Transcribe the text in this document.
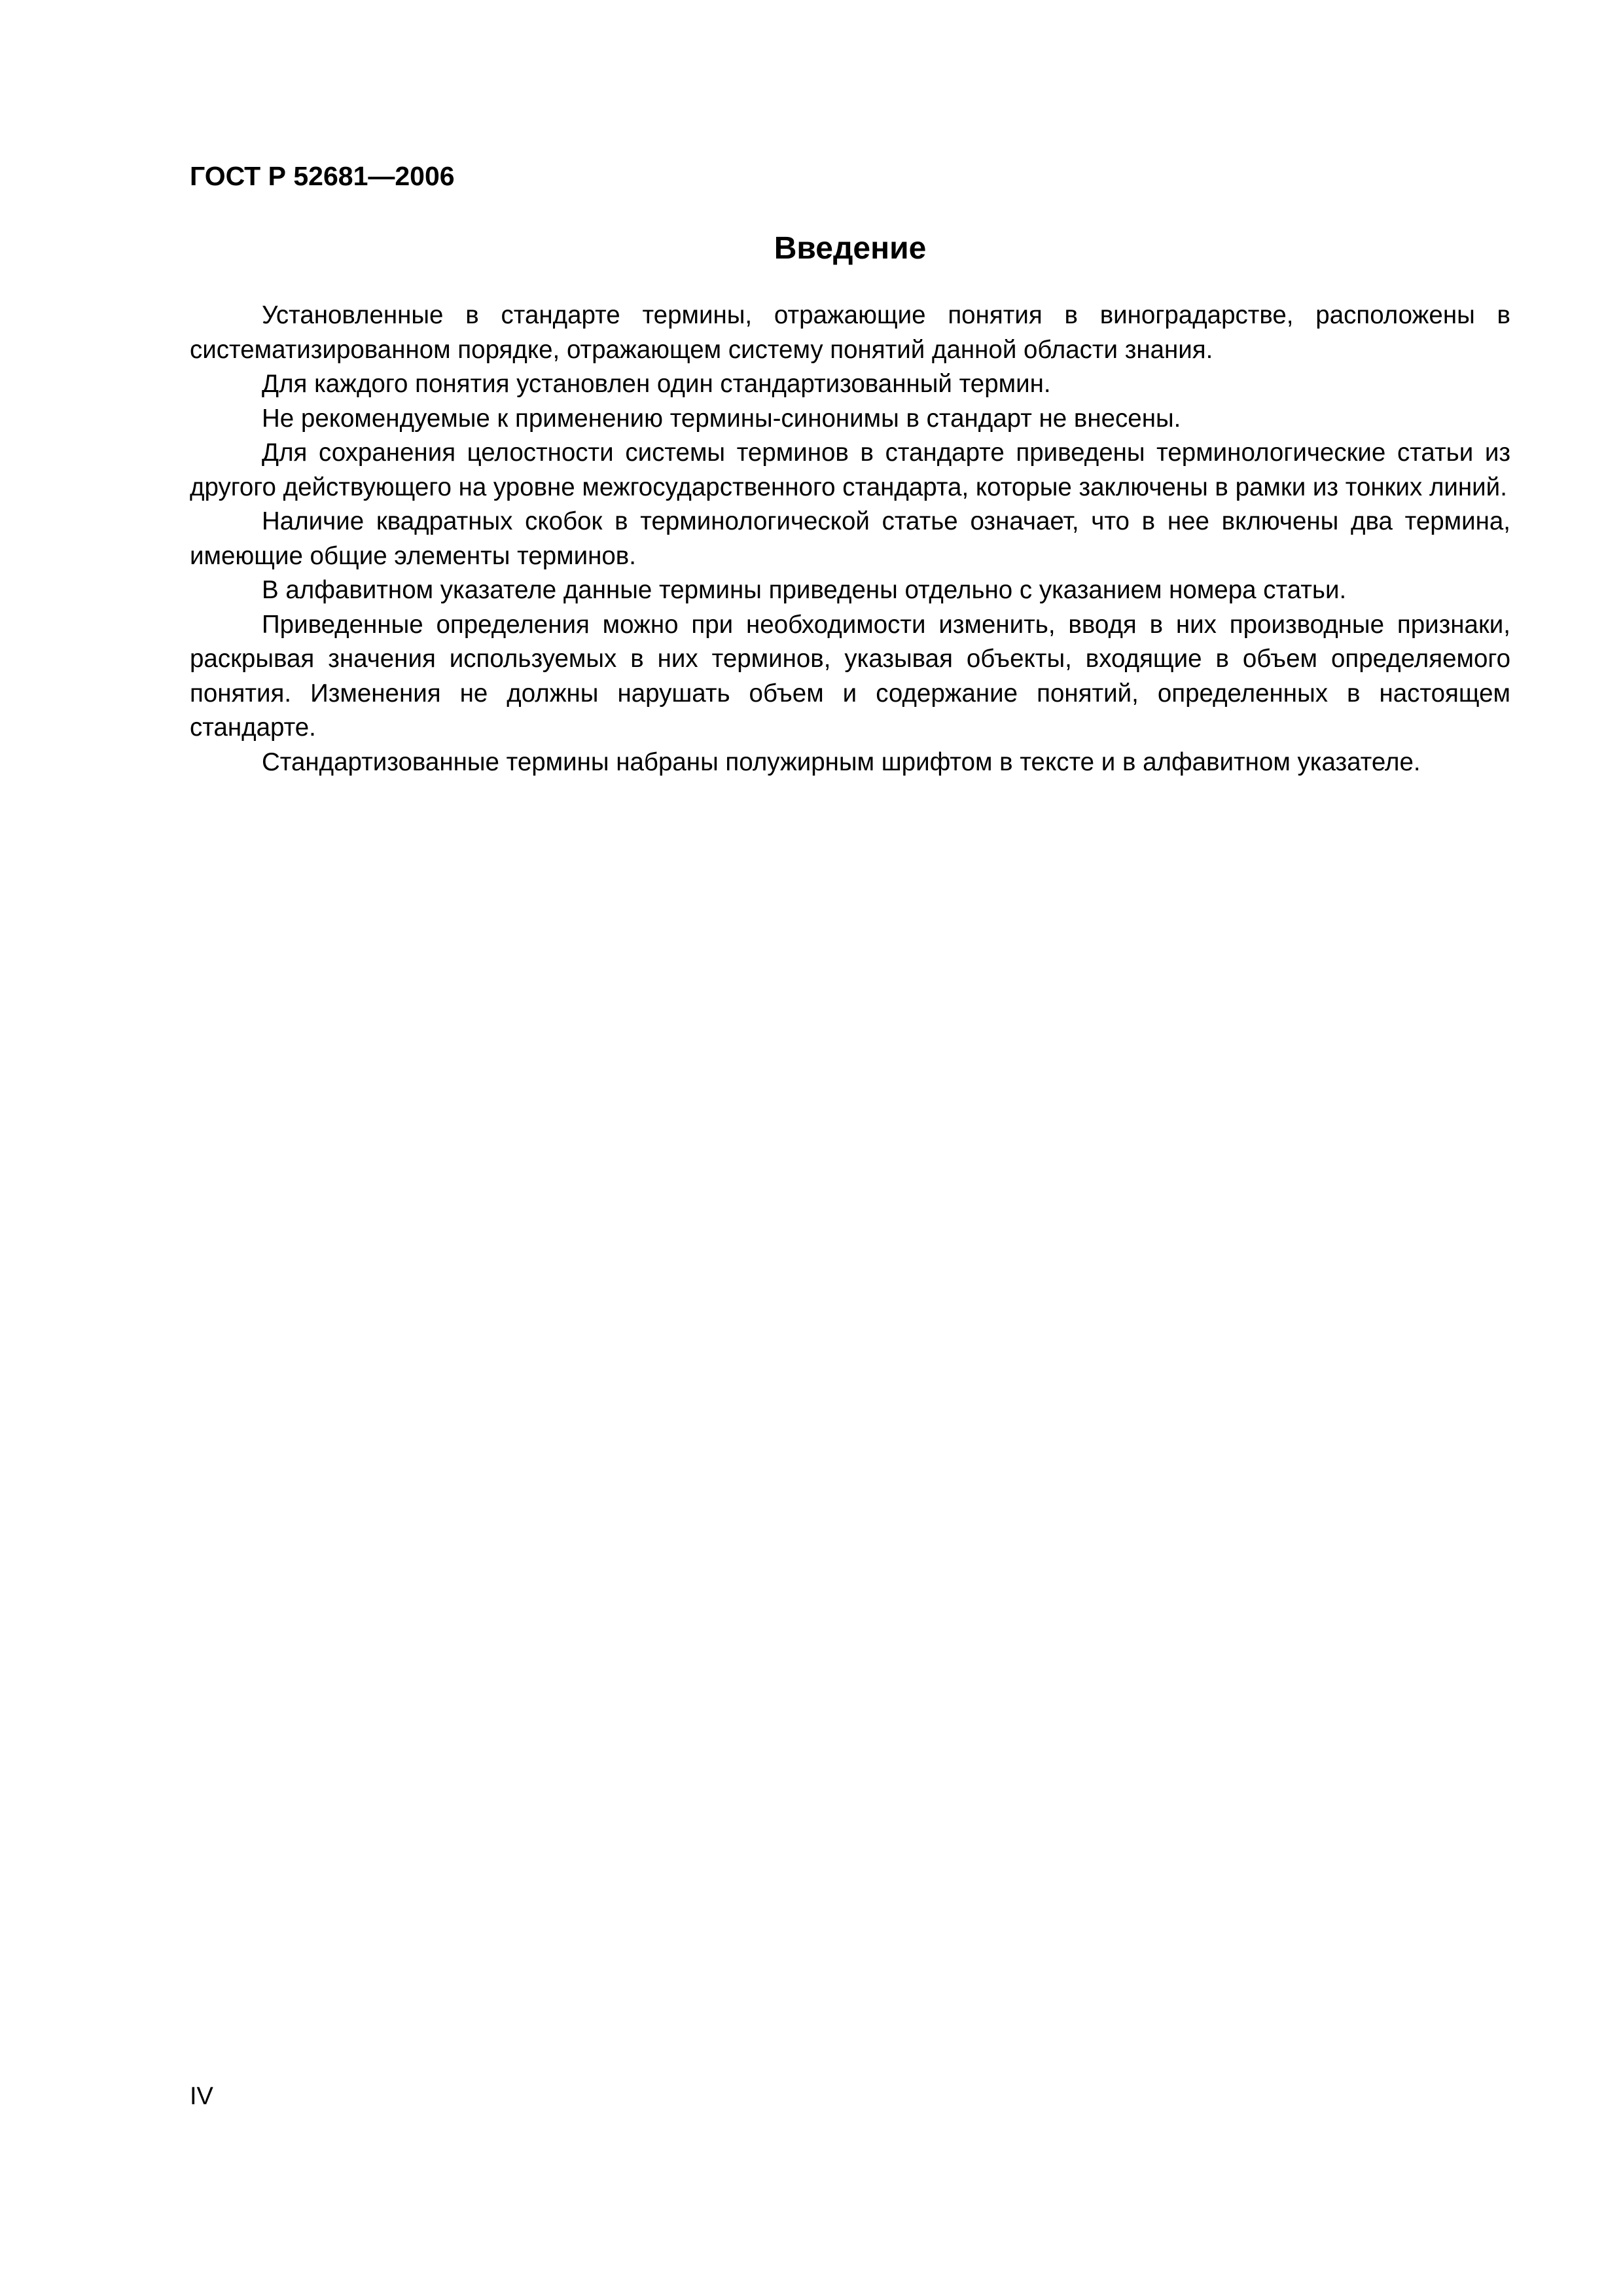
ГОСТ Р 52681—2006
Введение

Установленные в стандарте термины, отражающие понятия в виноградарстве, расположены в систематизированном порядке, отражающем систему понятий данной области знания.

Для каждого понятия установлен один стандартизованный термин.

Не рекомендуемые к применению термины-синонимы в стандарт не внесены.

Для сохранения целостности системы терминов в стандарте приведены терминологические статьи из другого действующего на уровне межгосударственного стандарта, которые заключены в рамки из тонких линий.

Наличие квадратных скобок в терминологической статье означает, что в нее включены два термина, имеющие общие элементы терминов.

В алфавитном указателе данные термины приведены отдельно с указанием номера статьи.

Приведенные определения можно при необходимости изменить, вводя в них производные признаки, раскрывая значения используемых в них терминов, указывая объекты, входящие в объем определяемого понятия. Изменения не должны нарушать объем и содержание понятий, определенных в настоящем стандарте.

Стандартизованные термины набраны полужирным шрифтом в тексте и в алфавитном указателе.

IV
